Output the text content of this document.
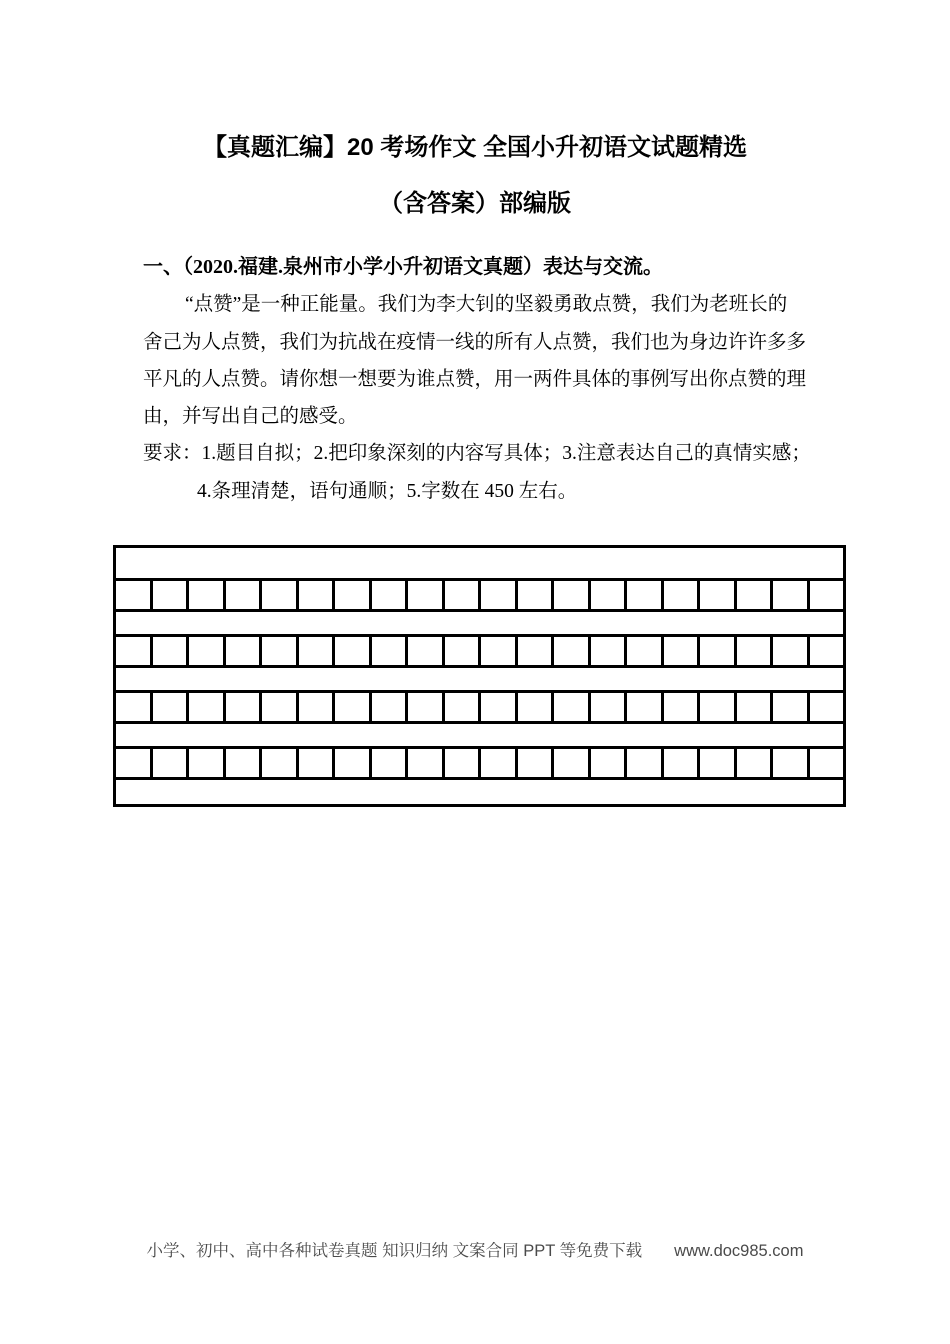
【真题汇编】20 考场作文 全国小升初语文试题精选
（含答案）部编版
一、（2020.福建.泉州市小学小升初语文真题）表达与交流。
“点赞”是一种正能量。我们为李大钊的坚毅勇敢点赞，我们为老班长的
舍己为人点赞，我们为抗战在疫情一线的所有人点赞，我们也为身边许许多多
平凡的人点赞。请你想一想要为谁点赞，用一两件具体的事例写出你点赞的理
由，并写出自己的感受。
要求：1.题目自拟；2.把印象深刻的内容写具体；3.注意表达自己的真情实感；
4.条理清楚，语句通顺；5.字数在 450 左右。
小学、初中、高中各种试卷真题 知识归纳 文案合同 PPT 等免费下载 www.doc985.com
